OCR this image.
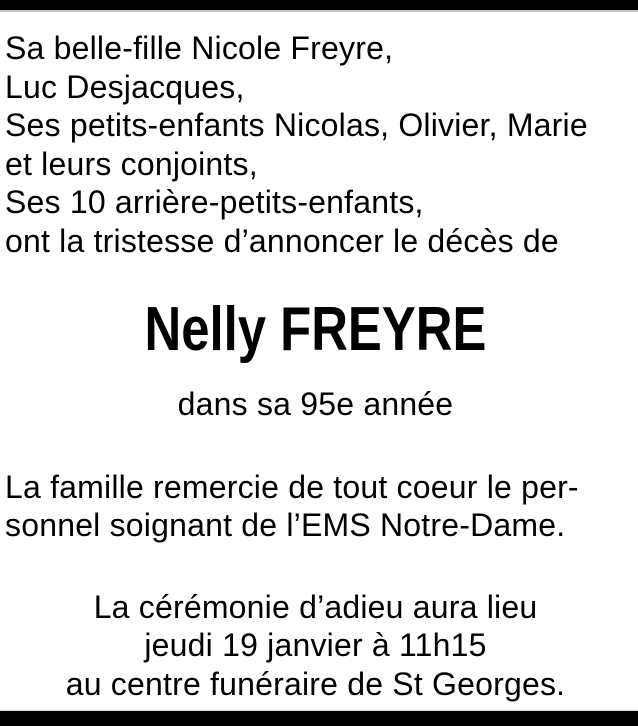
Sa belle-fille Nicole Freyre,
Luc Desjacques,
Ses petits-enfants Nicolas, Olivier, Marie
et leurs conjoints,
Ses 10 arrière-petits-enfants,
ont la tristesse d’annoncer le décès de
Nelly FREYRE
dans sa 95e année
La famille remercie de tout coeur le per-
sonnel soignant de l’EMS Notre-Dame.
La cérémonie d’adieu aura lieu
jeudi 19 janvier à 11h15
au centre funéraire de St Georges.
